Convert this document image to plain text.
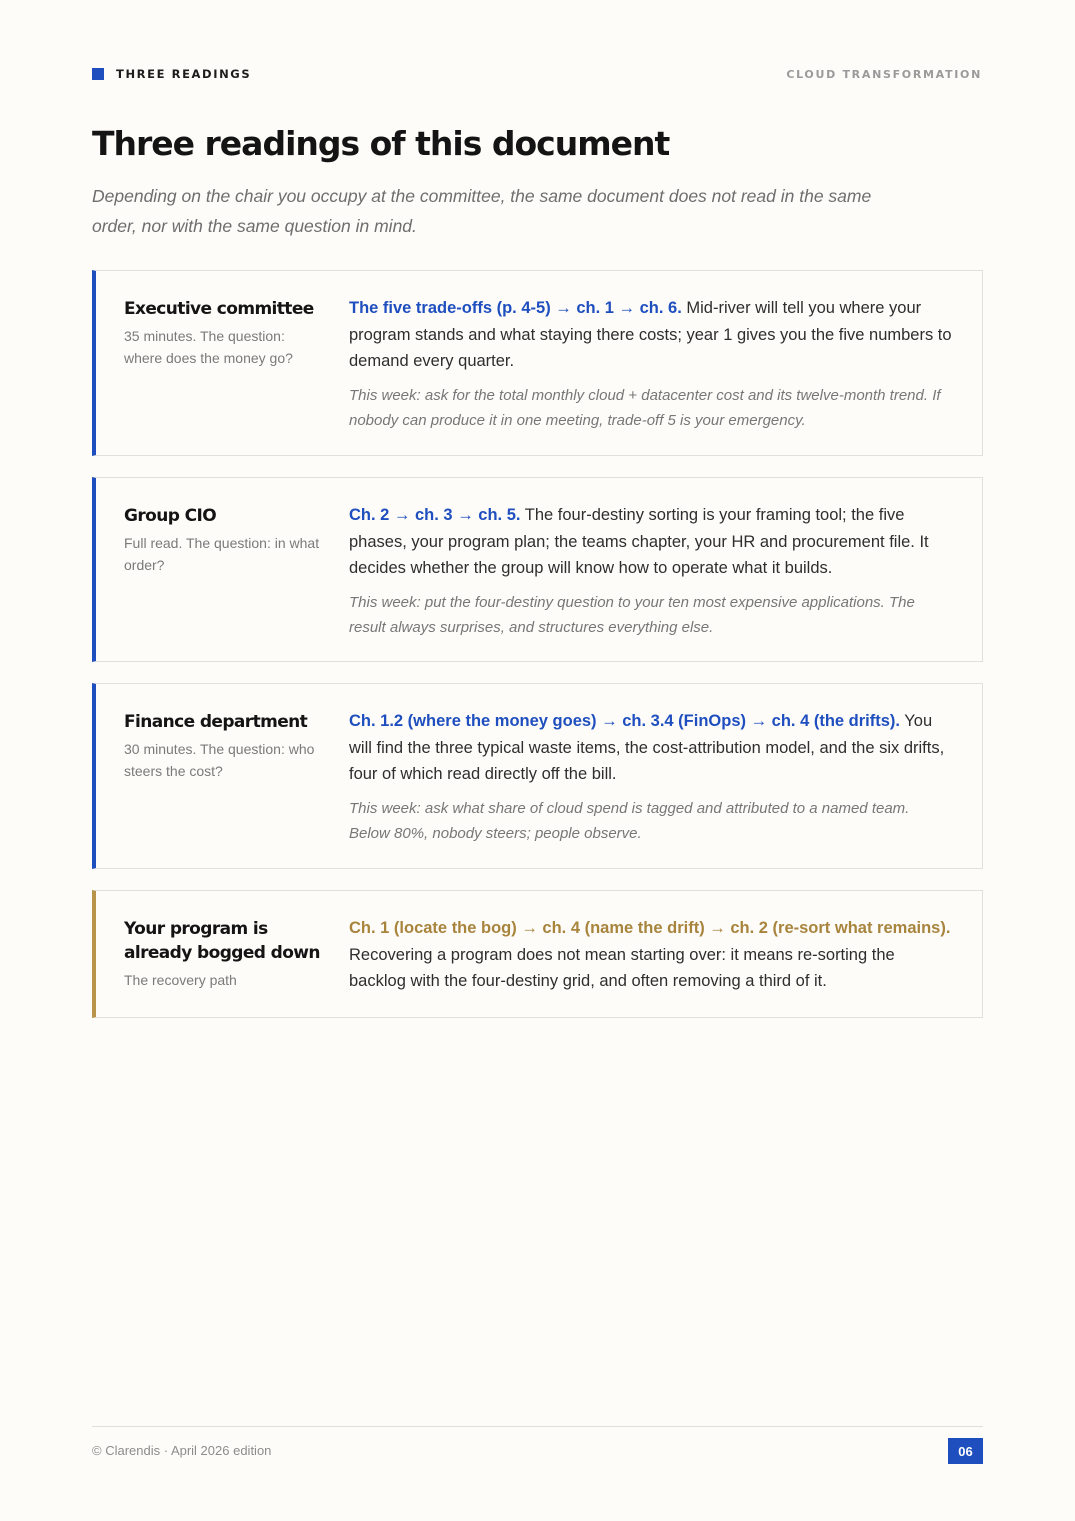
THREE READINGS	CLOUD TRANSFORMATION
Three readings of this document

Depending on the chair you occupy at the committee, the same document does not read in the same order, nor with the same question in mind.

Executive committee
35 minutes. The question: where does the money go?
The five trade-offs (p. 4-5) → ch. 1 → ch. 6. Mid-river will tell you where your program stands and what staying there costs; year 1 gives you the five numbers to demand every quarter.
This week: ask for the total monthly cloud + datacenter cost and its twelve-month trend. If nobody can produce it in one meeting, trade-off 5 is your emergency.
Group CIO
Full read. The question: in what order?
Ch. 2 → ch. 3 → ch. 5. The four-destiny sorting is your framing tool; the five phases, your program plan; the teams chapter, your HR and procurement file. It decides whether the group will know how to operate what it builds.
This week: put the four-destiny question to your ten most expensive applications. The result always surprises, and structures everything else.
Finance department
30 minutes. The question: who steers the cost?
Ch. 1.2 (where the money goes) → ch. 3.4 (FinOps) → ch. 4 (the drifts). You will find the three typical waste items, the cost-attribution model, and the six drifts, four of which read directly off the bill.
This week: ask what share of cloud spend is tagged and attributed to a named team. Below 80%, nobody steers; people observe.
Your program is already bogged down
The recovery path
Ch. 1 (locate the bog) → ch. 4 (name the drift) → ch. 2 (re-sort what remains). Recovering a program does not mean starting over: it means re-sorting the backlog with the four-destiny grid, and often removing a third of it.
© Clarendis · April 2026 edition	06
